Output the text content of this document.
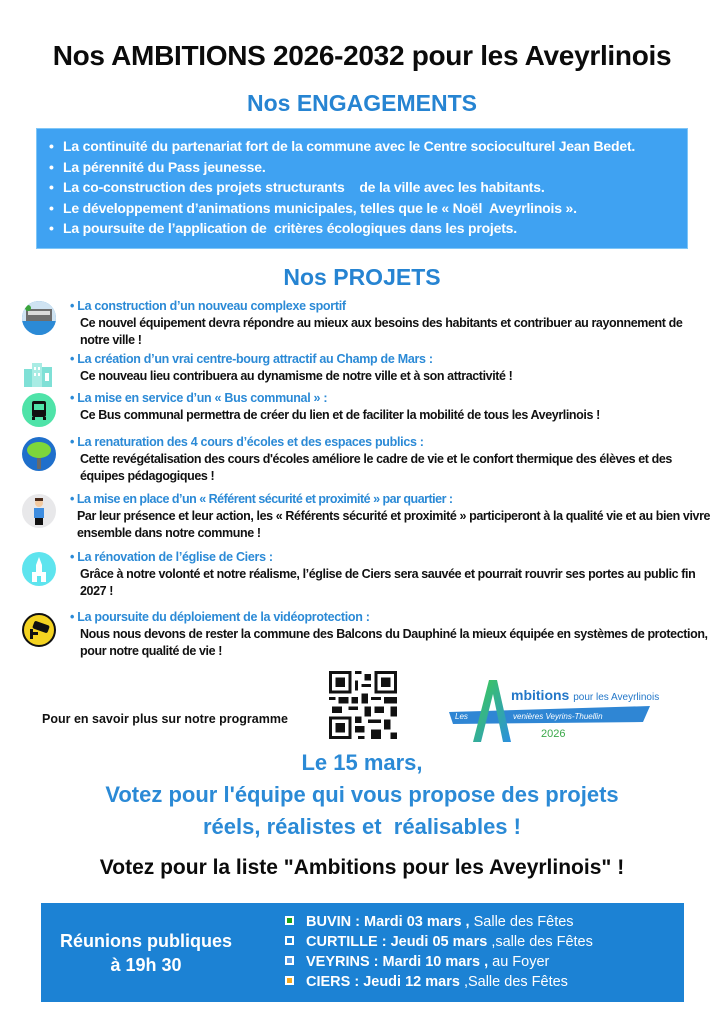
Nos AMBITIONS 2026-2032 pour les Aveyrlinois
Nos ENGAGEMENTS
• La continuité du partenariat fort de la commune avec le Centre socioculturel Jean Bedet.
• La pérennité du Pass jeunesse.
• La co-construction des projets structurants    de la ville avec les habitants.
• Le développement d’animations municipales, telles que le « Noël  Aveyrlinois ».
• La poursuite de l’application de  critères écologiques dans les projets.
Nos PROJETS
• La construction d’un nouveau complexe sportif
Ce nouvel équipement devra répondre au mieux aux besoins des habitants et contribuer au rayonnement de notre ville !
• La création d’un vrai centre-bourg attractif au Champ de Mars :
Ce nouveau lieu contribuera au dynamisme de notre ville et à son attractivité !
• La mise en service d’un « Bus communal » :
Ce Bus communal permettra de créer du lien et de faciliter la mobilité de tous les Aveyrlinois !
• La renaturation des 4 cours d’écoles et des espaces publics :
Cette revégétalisation des cours d'écoles améliore le cadre de vie et le confort thermique des élèves et des équipes pédagogiques !
• La mise en place d’un « Référent sécurité et proximité » par quartier :
Par leur présence et leur action, les « Référents sécurité et proximité » participeront à la qualité vie et au bien vivre ensemble dans notre commune !
• La rénovation de l’église de Ciers :
Grâce à notre volonté et notre réalisme, l’église de Ciers sera sauvée et pourrait rouvrir ses portes au public fin 2027 !
• La poursuite du déploiement de la vidéoprotection :
Nous nous devons de rester la commune des Balcons du Dauphiné la mieux équipée en systèmes de protection, pour notre qualité de vie !
Pour en savoir plus sur notre programme
mbitions pour les Aveyrlinois
Les	venières Veyrins-Thuellin
2026
Le 15 mars,
Votez pour l'équipe qui vous propose des projets
réels, réalistes et  réalisables !
Votez pour la liste "Ambitions pour les Aveyrlinois" !
Réunions publiques
à 19h 30
BUVIN : Mardi 03 mars , Salle des Fêtes
CURTILLE : Jeudi 05 mars ,salle des Fêtes
VEYRINS : Mardi 10 mars , au Foyer
CIERS : Jeudi 12 mars ,Salle des Fêtes
